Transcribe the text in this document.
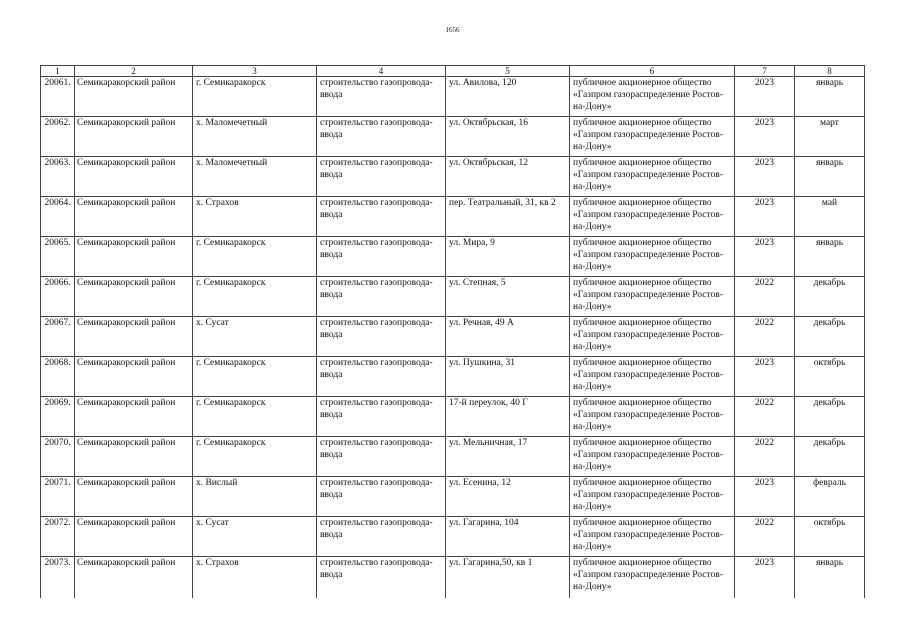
1656
1	2	3	4	5	6	7	8
20061.	Семикаракорский район	г. Семикаракорск	строительство газопровода-ввода	ул. Авилова, 120	публичное акционерное общество «Газпром газораспределение Ростов-на-Дону»	2023	январь
20062.	Семикаракорский район	х. Маломечетный	строительство газопровода-ввода	ул. Октябрьская, 16	публичное акционерное общество «Газпром газораспределение Ростов-на-Дону»	2023	март
20063.	Семикаракорский район	х. Маломечетный	строительство газопровода-ввода	ул. Октябрьская, 12	публичное акционерное общество «Газпром газораспределение Ростов-на-Дону»	2023	январь
20064.	Семикаракорский район	х. Страхов	строительство газопровода-ввода	пер. Театральный, 31, кв 2	публичное акционерное общество «Газпром газораспределение Ростов-на-Дону»	2023	май
20065.	Семикаракорский район	г. Семикаракорск	строительство газопровода-ввода	ул. Мира, 9	публичное акционерное общество «Газпром газораспределение Ростов-на-Дону»	2023	январь
20066.	Семикаракорский район	г. Семикаракорск	строительство газопровода-ввода	ул. Степная, 5	публичное акционерное общество «Газпром газораспределение Ростов-на-Дону»	2022	декабрь
20067.	Семикаракорский район	х. Сусат	строительство газопровода-ввода	ул. Речная, 49 А	публичное акционерное общество «Газпром газораспределение Ростов-на-Дону»	2022	декабрь
20068.	Семикаракорский район	г. Семикаракорск	строительство газопровода-ввода	ул. Пушкина, 31	публичное акционерное общество «Газпром газораспределение Ростов-на-Дону»	2023	октябрь
20069.	Семикаракорский район	г. Семикаракорск	строительство газопровода-ввода	17-й переулок, 40 Г	публичное акционерное общество «Газпром газораспределение Ростов-на-Дону»	2022	декабрь
20070.	Семикаракорский район	г. Семикаракорск	строительство газопровода-ввода	ул. Мельничная, 17	публичное акционерное общество «Газпром газораспределение Ростов-на-Дону»	2022	декабрь
20071.	Семикаракорский район	х. Вислый	строительство газопровода-ввода	ул. Есенина, 12	публичное акционерное общество «Газпром газораспределение Ростов-на-Дону»	2023	февраль
20072.	Семикаракорский район	х. Сусат	строительство газопровода-ввода	ул. Гагарина, 104	публичное акционерное общество «Газпром газораспределение Ростов-на-Дону»	2022	октябрь
20073.	Семикаракорский район	х. Страхов	строительство газопровода-ввода	ул. Гагарина,50, кв 1	публичное акционерное общество «Газпром газораспределение Ростов-на-Дону»	2023	январь
